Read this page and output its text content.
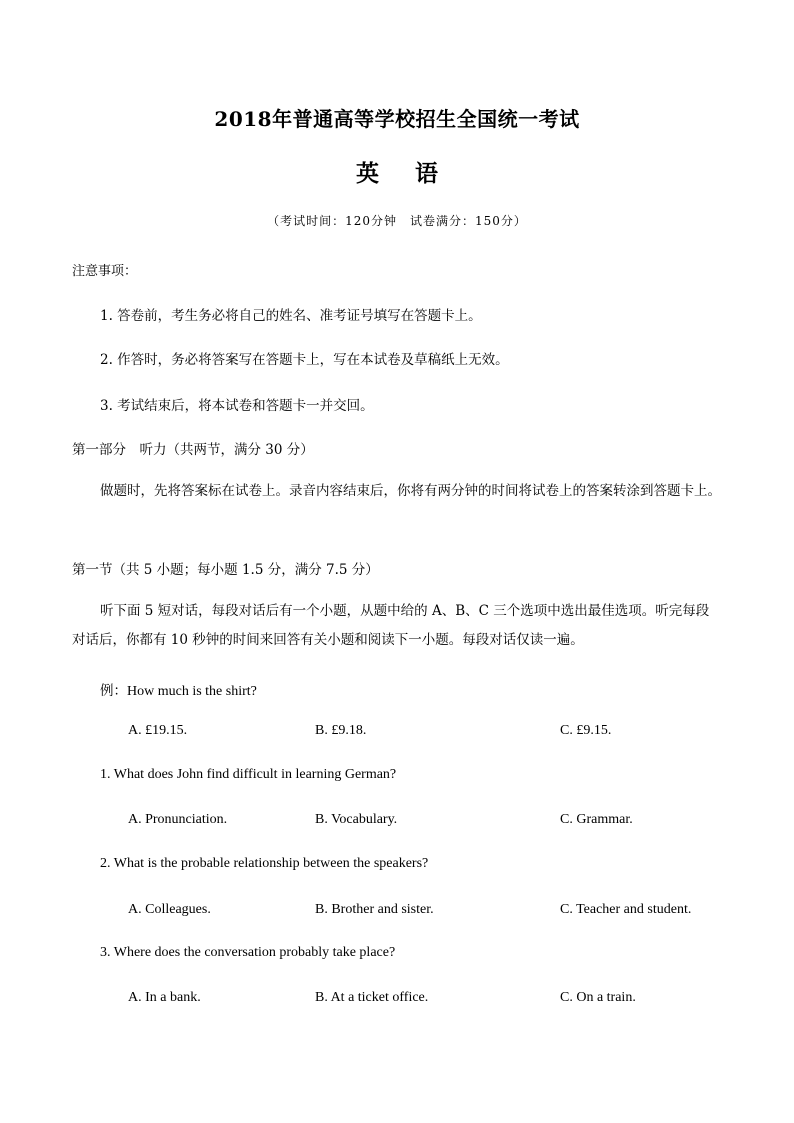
2018年普通高等学校招生全国统一考试
英 语
（考试时间：120分钟　试卷满分：150分）
注意事项：
1. 答卷前，考生务必将自己的姓名、准考证号填写在答题卡上。
2. 作答时，务必将答案写在答题卡上，写在本试卷及草稿纸上无效。
3. 考试结束后，将本试卷和答题卡一并交回。
第一部分　听力（共两节，满分 30 分）
做题时，先将答案标在试卷上。录音内容结束后，你将有两分钟的时间将试卷上的答案转涂到答题卡上。
第一节（共 5 小题；每小题 1.5 分，满分 7.5 分）
听下面 5 短对话，每段对话后有一个小题，从题中给的 A、B、C 三个选项中选出最佳选项。听完每段对话后，你都有 10 秒钟的时间来回答有关小题和阅读下一小题。每段对话仅读一遍。
例：How much is the shirt?
A. £19.15.	B. £9.18.	C. £9.15.
1. What does John find difficult in learning German?
A. Pronunciation.	B. Vocabulary.	C. Grammar.
2. What is the probable relationship between the speakers?
A. Colleagues.	B. Brother and sister.	C. Teacher and student.
3. Where does the conversation probably take place?
A. In a bank.	B. At a ticket office.	C. On a train.
